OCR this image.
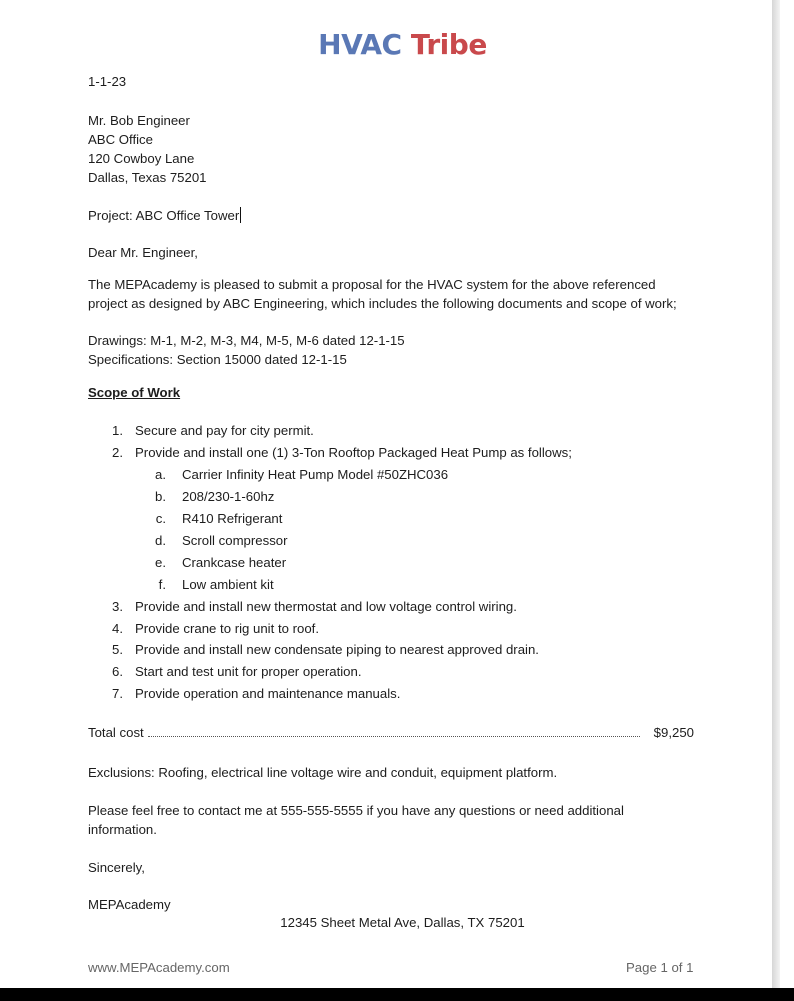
HVAC Tribe
1-1-23
Mr. Bob Engineer
ABC Office
120 Cowboy Lane
Dallas, Texas 75201
Project: ABC Office Tower
Dear Mr. Engineer,
The MEPAcademy is pleased to submit a proposal for the HVAC system for the above referenced
project as designed by ABC Engineering, which includes the following documents and scope of work;
Drawings: M-1, M-2, M-3, M4, M-5, M-6 dated 12-1-15
Specifications: Section 15000 dated 12-1-15
Scope of Work
1. Secure and pay for city permit.
2. Provide and install one (1) 3-Ton Rooftop Packaged Heat Pump as follows;
a. Carrier Infinity Heat Pump Model #50ZHC036
b. 208/230-1-60hz
c. R410 Refrigerant
d. Scroll compressor
e. Crankcase heater
f. Low ambient kit
3. Provide and install new thermostat and low voltage control wiring.
4. Provide crane to rig unit to roof.
5. Provide and install new condensate piping to nearest approved drain.
6. Start and test unit for proper operation.
7. Provide operation and maintenance manuals.
Total cost	$9,250
Exclusions: Roofing, electrical line voltage wire and conduit, equipment platform.
Please feel free to contact me at 555-555-5555 if you have any questions or need additional
information.
Sincerely,
MEPAcademy
12345 Sheet Metal Ave, Dallas, TX 75201
www.MEPAcademy.com	Page 1 of 1
